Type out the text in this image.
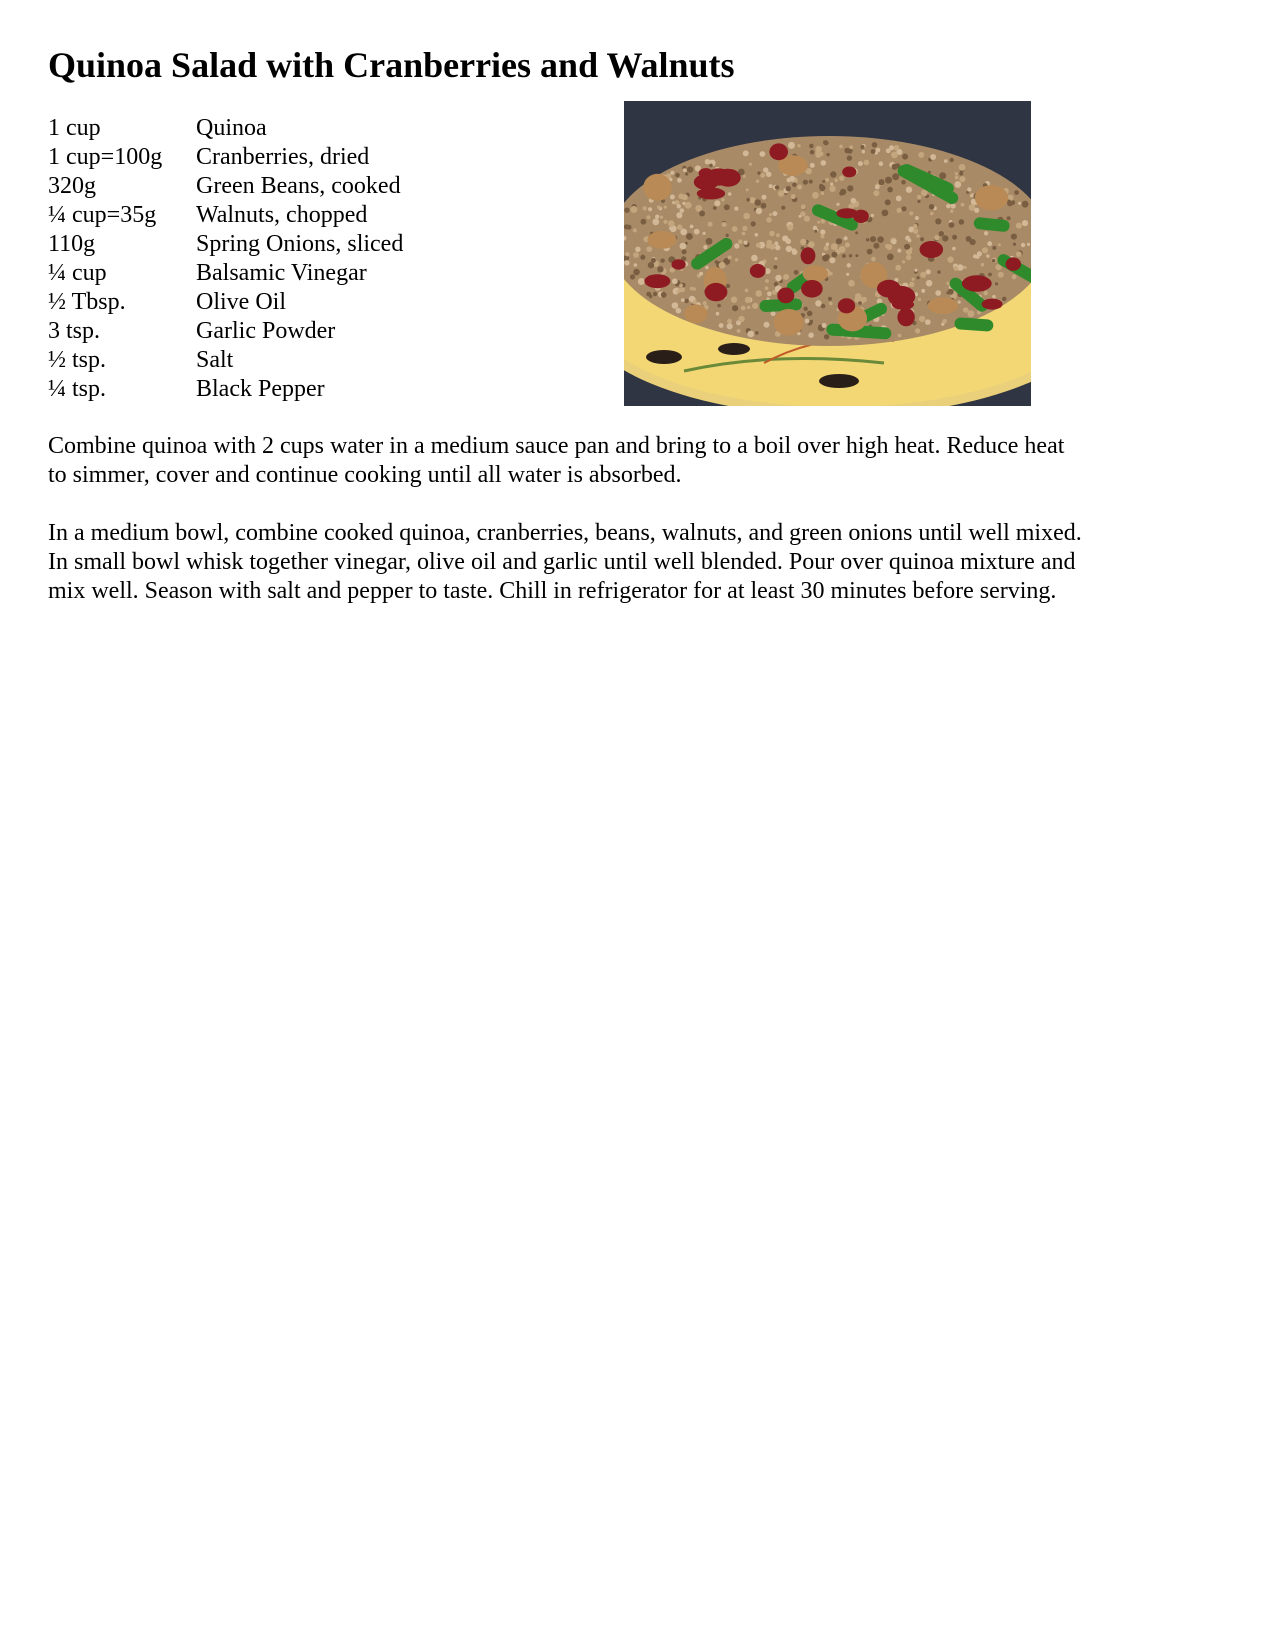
Quinoa Salad with Cranberries and Walnuts
1 cup	Quinoa
1 cup=100g	Cranberries, dried
320g	Green Beans, cooked
¼ cup=35g	Walnuts, chopped
110g	Spring Onions, sliced
¼ cup	Balsamic Vinegar
½ Tbsp.	Olive Oil
3 tsp.	Garlic Powder
½ tsp.	Salt
¼ tsp.	Black Pepper

Combine quinoa with 2 cups water in a medium sauce pan and bring to a boil over high heat. Reduce heat to simmer, cover and continue cooking until all water is absorbed.

In a medium bowl, combine cooked quinoa, cranberries, beans, walnuts, and green onions until well mixed. In small bowl whisk together vinegar, olive oil and garlic until well blended. Pour over quinoa mixture and mix well. Season with salt and pepper to taste. Chill in refrigerator for at least 30 minutes before serving.
